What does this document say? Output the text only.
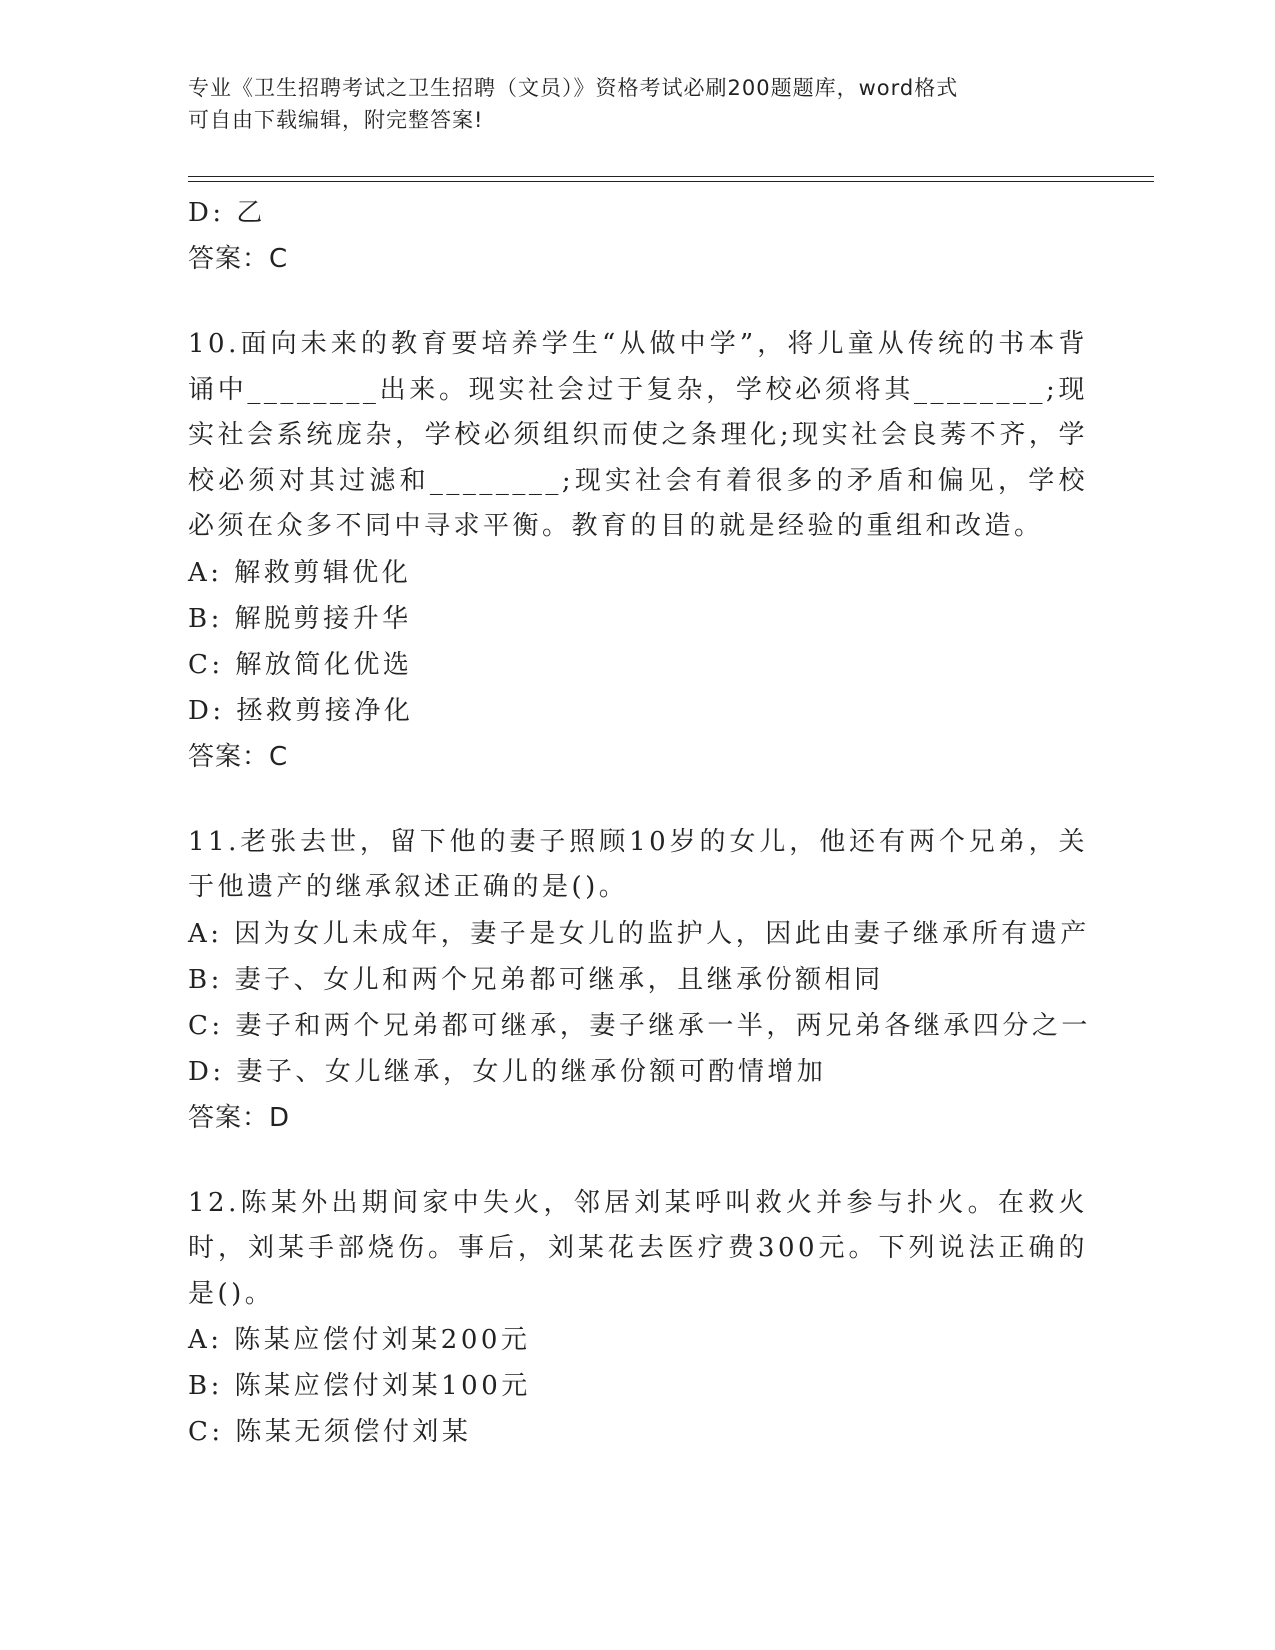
专业《卫生招聘考试之卫生招聘（文员）》资格考试必刷200题题库，word格式
可自由下载编辑，附完整答案!
D: 乙
答案：C
10.面向未来的教育要培养学生“从做中学”，将儿童从传统的书本背诵中________出来。现实社会过于复杂，学校必须将其________;现实社会系统庞杂，学校必须组织而使之条理化;现实社会良莠不齐，学校必须对其过滤和________;现实社会有着很多的矛盾和偏见，学校必须在众多不同中寻求平衡。教育的目的就是经验的重组和改造。
A: 解救剪辑优化
B: 解脱剪接升华
C: 解放简化优选
D: 拯救剪接净化
答案：C
11.老张去世，留下他的妻子照顾10岁的女儿，他还有两个兄弟，关于他遗产的继承叙述正确的是()。
A: 因为女儿未成年，妻子是女儿的监护人，因此由妻子继承所有遗产
B: 妻子、女儿和两个兄弟都可继承，且继承份额相同
C: 妻子和两个兄弟都可继承，妻子继承一半，两兄弟各继承四分之一
D: 妻子、女儿继承，女儿的继承份额可酌情增加
答案：D
12.陈某外出期间家中失火，邻居刘某呼叫救火并参与扑火。在救火时，刘某手部烧伤。事后，刘某花去医疗费300元。下列说法正确的是()。
A: 陈某应偿付刘某200元
B: 陈某应偿付刘某100元
C: 陈某无须偿付刘某
